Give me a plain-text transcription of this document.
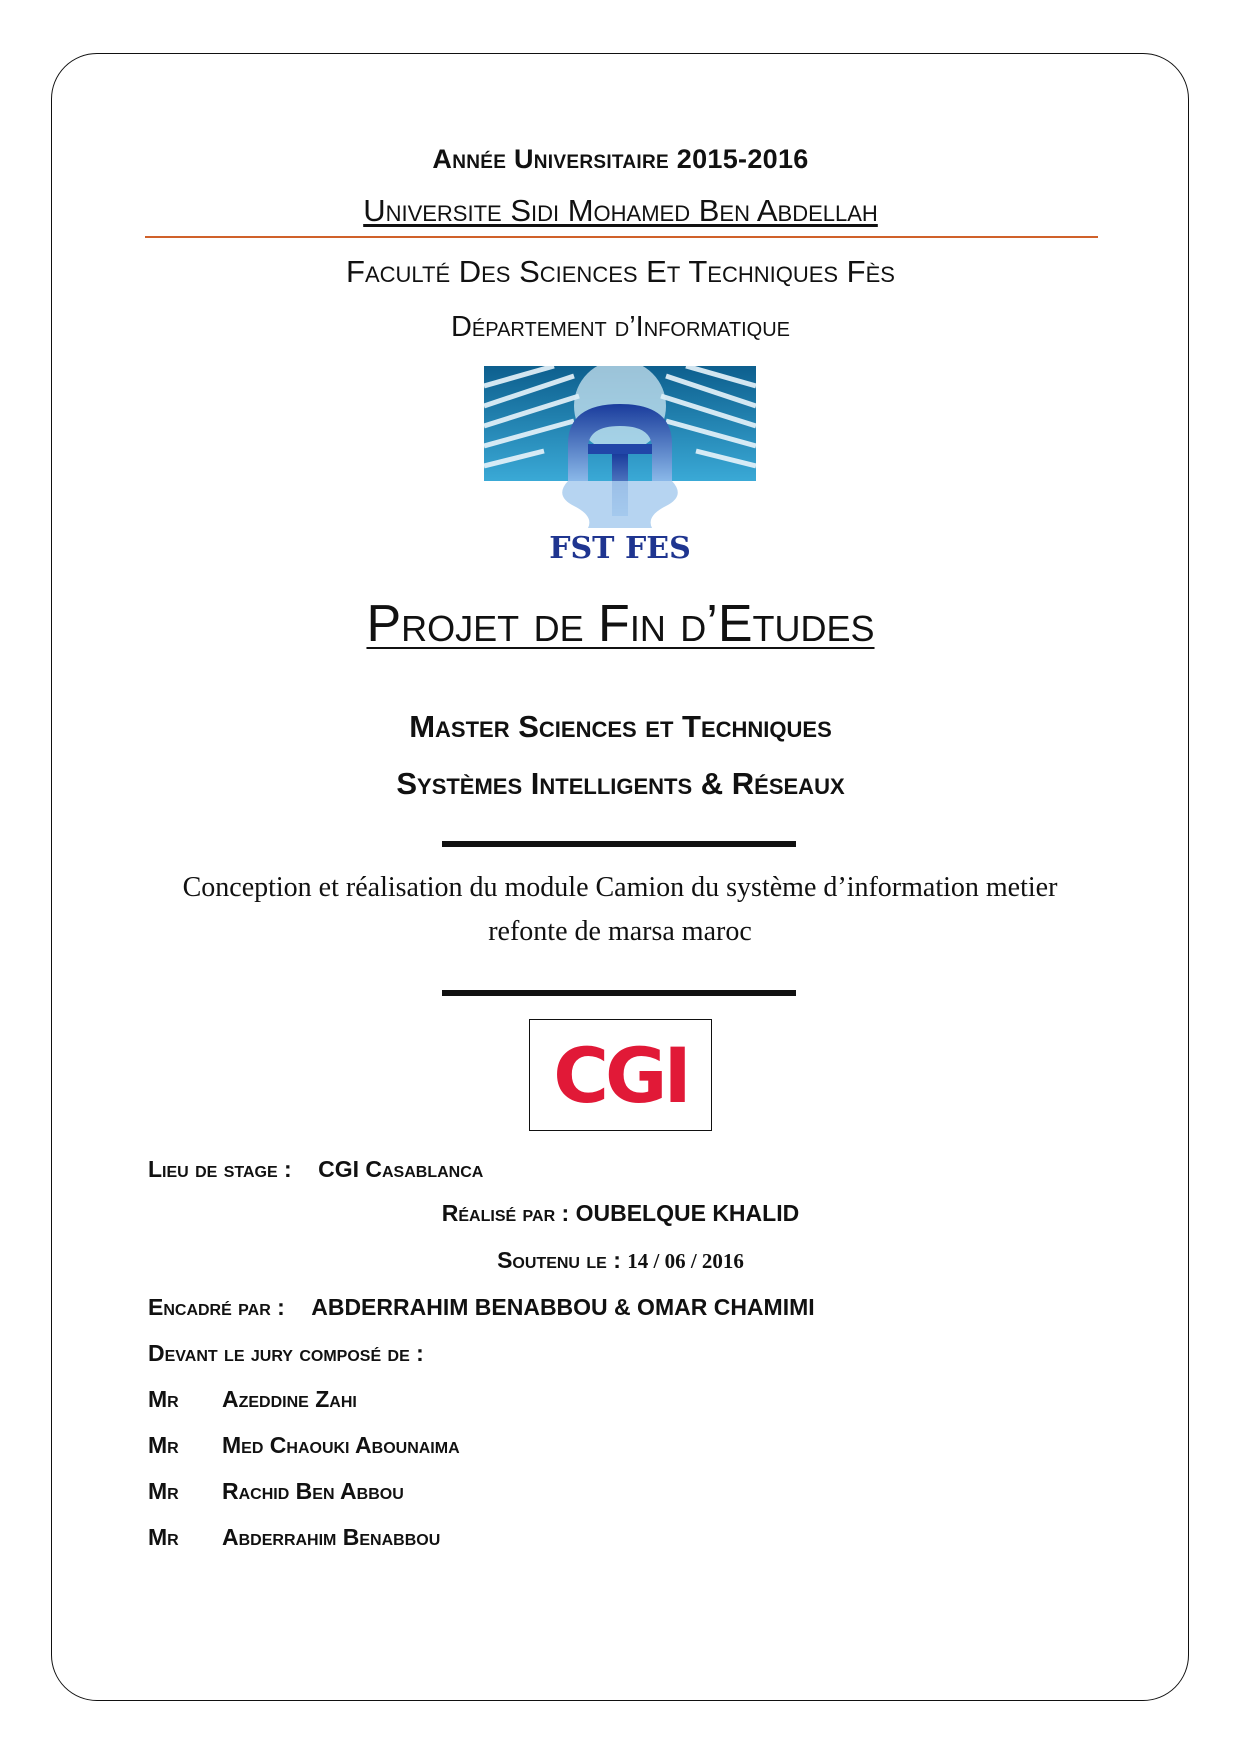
Année Universitaire 2015-2016
Universite Sidi Mohamed Ben Abdellah
Faculté Des Sciences Et Techniques Fès
Département d’Informatique
FST FES
Projet de Fin d’Etudes
Master Sciences et Techniques
Systèmes Intelligents & Réseaux
Conception et réalisation du module Camion du système d’information metier
refonte de marsa maroc
CGI
Lieu de stage : CGI Casablanca
Réalisé par : OUBELQUE KHALID
Soutenu le : 14 / 06 / 2016
Encadré par : ABDERRAHIM BENABBOU & OMAR CHAMIMI
Devant le jury composé de :
Mr Azeddine Zahi
Mr Med Chaouki Abounaima
Mr Rachid Ben Abbou
Mr Abderrahim Benabbou
